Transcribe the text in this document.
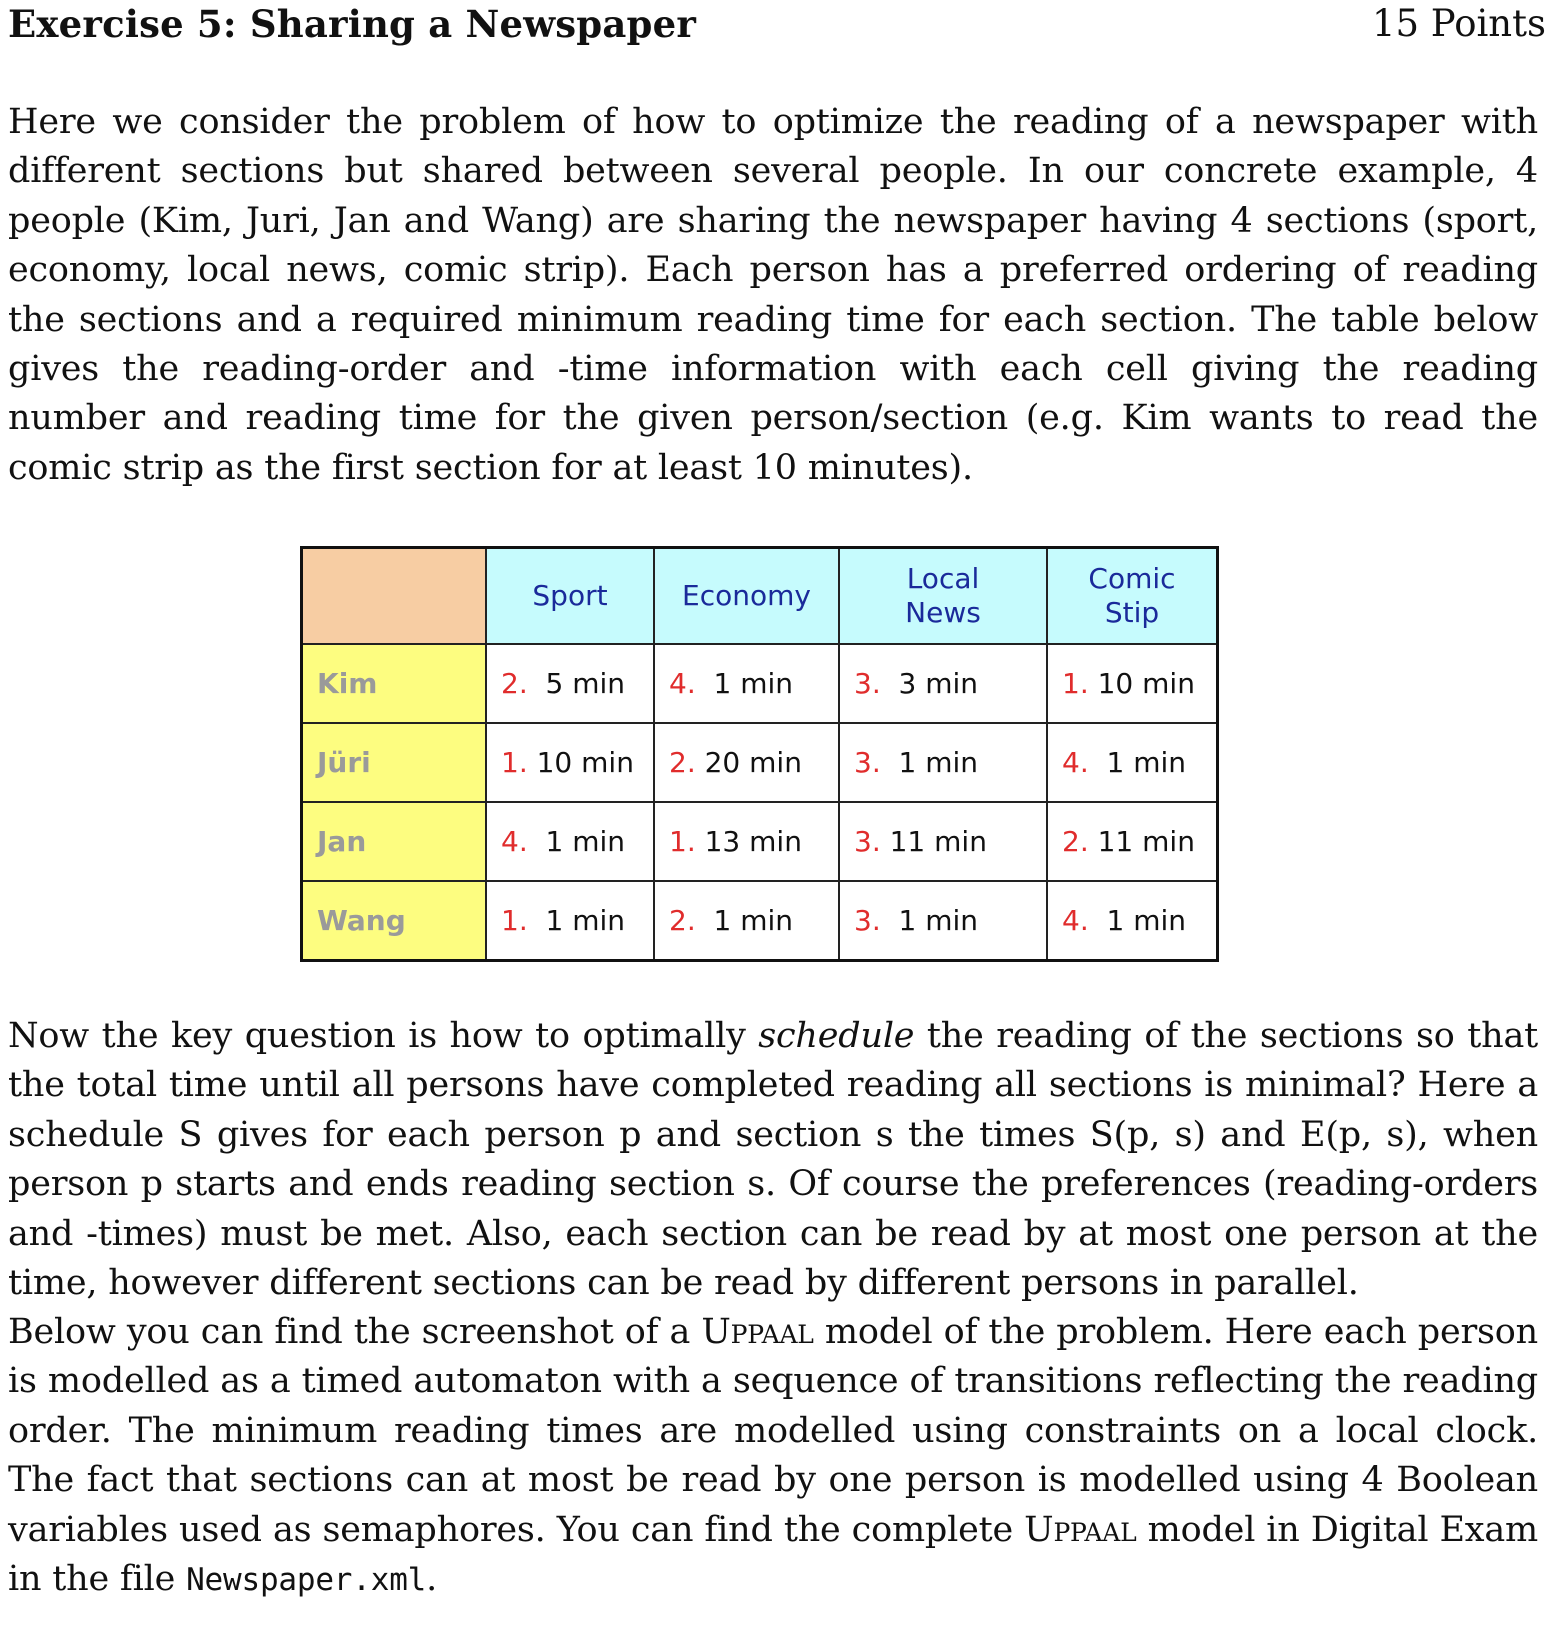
Exercise 5: Sharing a Newspaper	15 Points
Here we consider the problem of how to optimize the reading of a newspaper with different sections but shared between several people. In our concrete example, 4 people (Kim, Juri, Jan and Wang) are sharing the newspaper having 4 sections (sport, economy, local news, comic strip). Each person has a preferred ordering of reading the sections and a required minimum reading time for each section. The table below gives the reading-order and -time information with each cell giving the reading number and reading time for the given person/section (e.g. Kim wants to read the comic strip as the first section for at least 10 minutes).
	Sport	Economy	Local News	Comic Stip
Kim	2.  5 min	4.  1 min	3.  3 min	1. 10 min
Jüri	1. 10 min	2. 20 min	3.  1 min	4.  1 min
Jan	4.  1 min	1. 13 min	3. 11 min	2. 11 min
Wang	1.  1 min	2.  1 min	3.  1 min	4.  1 min
Now the key question is how to optimally schedule the reading of the sections so that the total time until all persons have completed reading all sections is minimal? Here a schedule S gives for each person p and section s the times S(p, s) and E(p, s), when person p starts and ends reading section s. Of course the preferences (reading-orders and -times) must be met. Also, each section can be read by at most one person at the time, however different sections can be read by different persons in parallel.
Below you can find the screenshot of a Uppaal model of the problem. Here each person is modelled as a timed automaton with a sequence of transitions reflecting the reading order. The minimum reading times are modelled using constraints on a local clock. The fact that sections can at most be read by one person is modelled using 4 Boolean variables used as semaphores. You can find the complete Uppaal model in Digital Exam in the file Newspaper.xml.
